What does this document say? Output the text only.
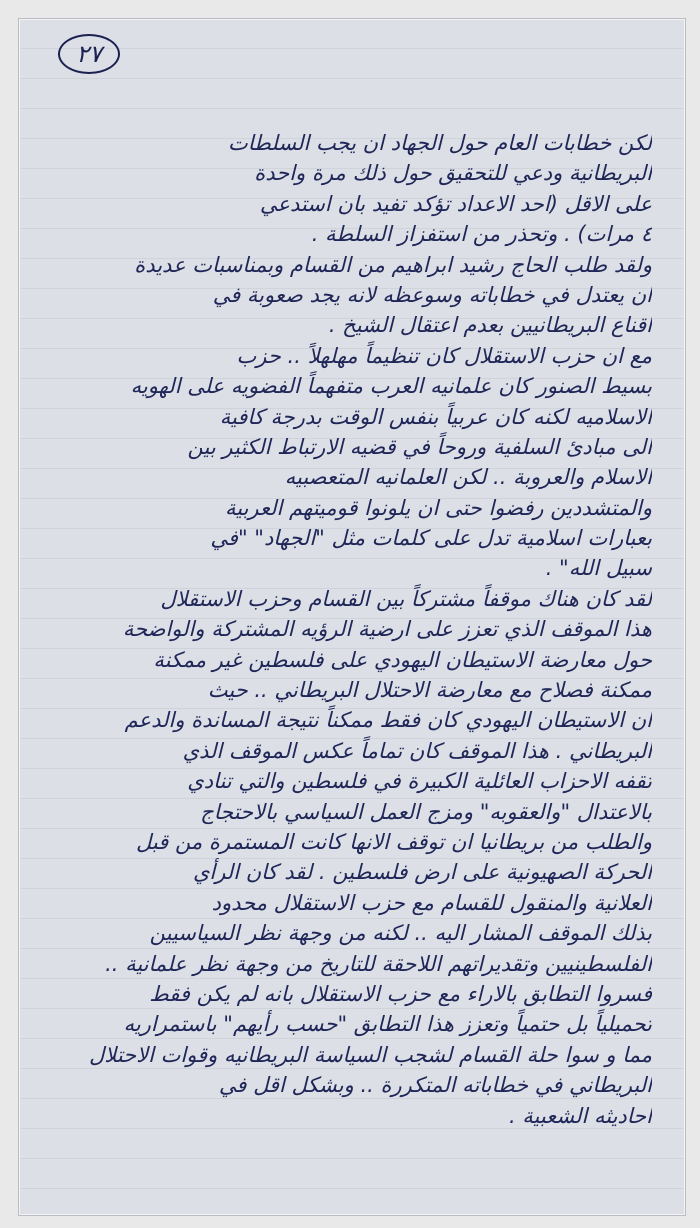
٢٧
لكن خطابات العام حول الجهاد ان يجب السلطات
البريطانية ودعي للتحقيق حول ذلك مرة واحدة
على الاقل (احد الاعداد تؤكد تفيد بان استدعي
٤ مرات) . وتحذر من استفزاز السلطة .
ولقد طلب الحاج رشيد ابراهيم من القسام وبمناسبات عديدة
ان يعتدل في خطاباته وسوعظه لانه يجد صعوبة في
اقناع البريطانيين بعدم اعتقال الشيخ .
مع ان حزب الاستقلال كان تنظيماً مهلهلاً .. حزب
بسيط الصنور كان علمانيه العرب متفهماً الفضويه على الهويه
الاسلاميه لكنه كان عربياً بنفس الوقت بدرجة كافية
الى مبادئ السلفية وروحاً في قضيه الارتباط الكثير بين
الاسلام والعروبة .. لكن العلمانيه المتعصبيه
والمتشددين رفضوا حتى ان يلونوا قوميتهم العربية
بعبارات اسلامية تدل على كلمات مثل "الجهاد" "في
سبيل الله" .
لقد كان هناك موقفاً مشتركاً بين القسام وحزب الاستقلال
هذا الموقف الذي تعزز على ارضية الرؤيه المشتركة والواضحة
حول معارضة الاستيطان اليهودي على فلسطين غير ممكنة
ممكنة فصلاح مع معارضة الاحتلال البريطاني .. حيث
ان الاستيطان اليهودي كان فقط ممكناً نتيجة المساندة والدعم
البريطاني . هذا الموقف كان تماماً عكس الموقف الذي
تقفه الاحزاب العائلية الكبيرة في فلسطين والتي تنادي
بالاعتدال "والعقوبه" ومزج العمل السياسي بالاحتجاج
والطلب من بريطانيا ان توقف الانها كانت المستمرة من قبل
الحركة الصهيونية على ارض فلسطين . لقد كان الرأي
العلانية والمنقول للقسام مع حزب الاستقلال محدود
بذلك الموقف المشار اليه .. لكنه من وجهة نظر السياسيين
الفلسطينيين وتقديراتهم اللاحقة للتاريخ من وجهة نظر علمانية ..
فسروا التطابق بالاراء مع حزب الاستقلال بانه لم يكن فقط
تحميلياً بل حتمياً وتعزز هذا التطابق "حسب رأيهم" باستمراريه
مما و سوا حلة القسام لشجب السياسة البريطانيه وقوات الاحتلال
البريطاني في خطاباته المتكررة .. وبشكل اقل في
احاديثه الشعبية .
